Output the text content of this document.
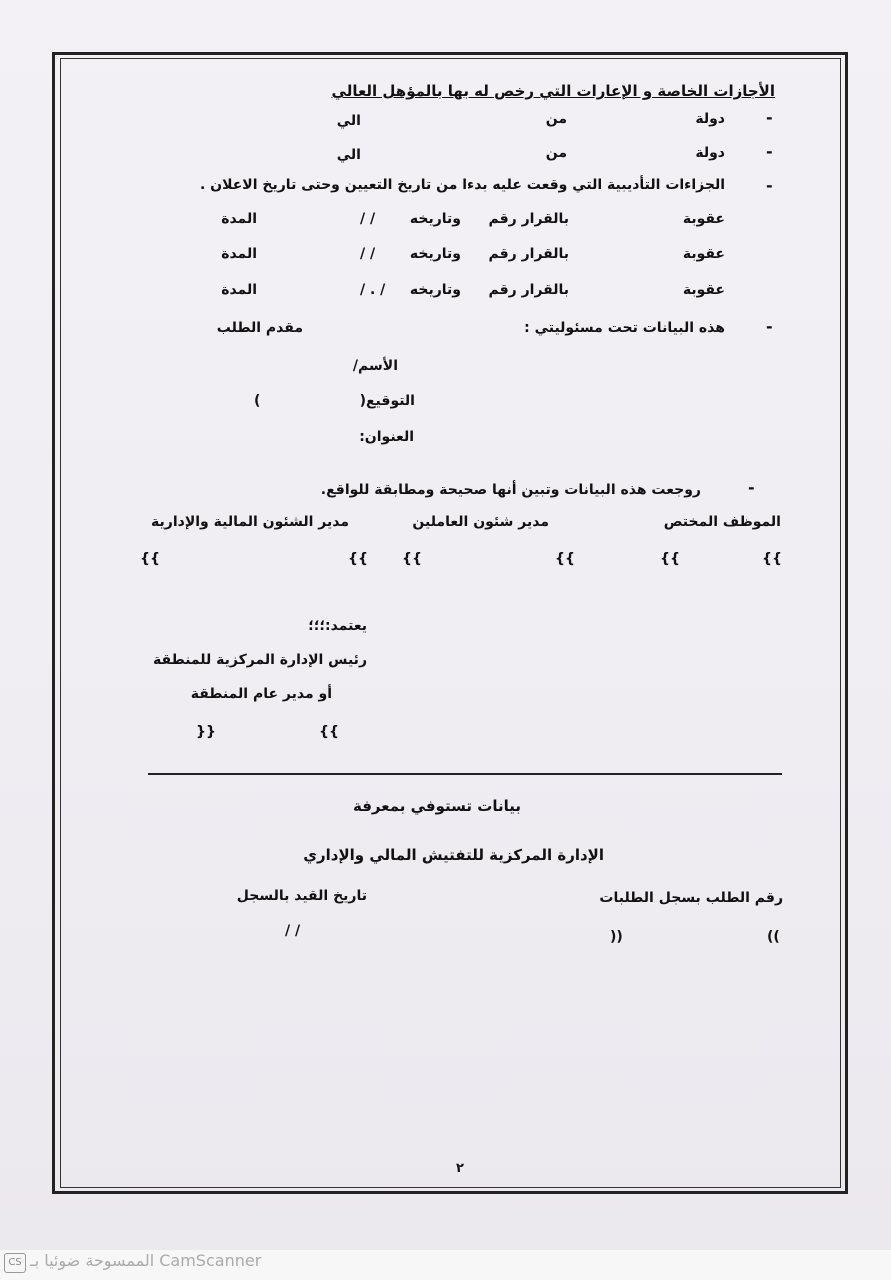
الأجازات الخاصة و الإعارات التي رخص له بها بالمؤهل العالي
-
دولة
من
الي
-
دولة
من
الي
-
الجزاءات التأديبية التي وقعت عليه بدءا من تاريخ التعيين وحتى تاريخ الاعلان .
عقوبة
بالقرار رقم
وتاريخه
/ /
المدة
عقوبة
بالقرار رقم
وتاريخه
/ /
المدة
عقوبة
بالقرار رقم
وتاريخه
/ . /
المدة
-
هذه البيانات تحت مسئوليتي :
مقدم الطلب
الأسم/
التوقيع(
)
العنوان:
-
روجعت هذه البيانات وتبين أنها صحيحة ومطابقة للواقع.
الموظف المختص
مدير شئون العاملين
مدير الشئون المالية والإدارية
{{
{{
{{
{{
{{
{{
يعتمد:؛؛؛
رئيس الإدارة المركزية للمنطقة
أو مدير عام المنطقة
{{
}}
بيانات تستوفي بمعرفة
الإدارة المركزية للتفتيش المالي والإداري
رقم الطلب بسجل الطلبات
تاريخ القيد بالسجل
((
))
/ /
٢
CS الممسوحة ضوئيا بـ CamScanner
